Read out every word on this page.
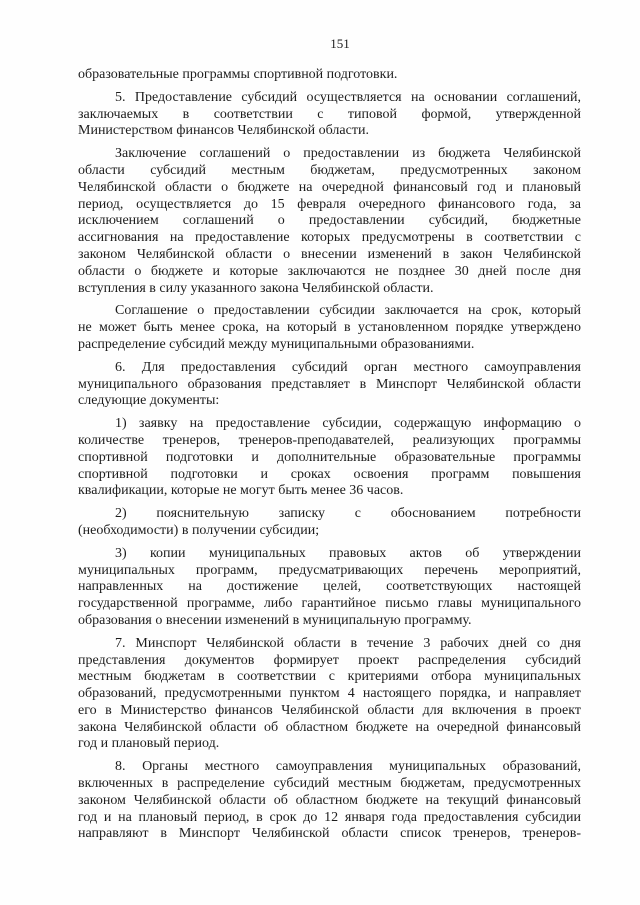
151
образовательные программы спортивной подготовки.
5. Предоставление субсидий осуществляется на основании соглашений,
заключаемых в соответствии с типовой формой, утвержденной
Министерством финансов Челябинской области.
Заключение соглашений о предоставлении из бюджета Челябинской
области субсидий местным бюджетам, предусмотренных законом
Челябинской области о бюджете на очередной финансовый год и плановый
период, осуществляется до 15 февраля очередного финансового года, за
исключением соглашений о предоставлении субсидий, бюджетные
ассигнования на предоставление которых предусмотрены в соответствии с
законом Челябинской области о внесении изменений в закон Челябинской
области о бюджете и которые заключаются не позднее 30 дней после дня
вступления в силу указанного закона Челябинской области.
Соглашение о предоставлении субсидии заключается на срок, который
не может быть менее срока, на который в установленном порядке утверждено
распределение субсидий между муниципальными образованиями.
6. Для предоставления субсидий орган местного самоуправления
муниципального образования представляет в Минспорт Челябинской области
следующие документы:
1) заявку на предоставление субсидии, содержащую информацию о
количестве тренеров, тренеров-преподавателей, реализующих программы
спортивной подготовки и дополнительные образовательные программы
спортивной подготовки и сроках освоения программ повышения
квалификации, которые не могут быть менее 36 часов.
2) пояснительную записку с обоснованием потребности
(необходимости) в получении субсидии;
3) копии муниципальных правовых актов об утверждении
муниципальных программ, предусматривающих перечень мероприятий,
направленных на достижение целей, соответствующих настоящей
государственной программе, либо гарантийное письмо главы муниципального
образования о внесении изменений в муниципальную программу.
7. Минспорт Челябинской области в течение 3 рабочих дней со дня
представления документов формирует проект распределения субсидий
местным бюджетам в соответствии с критериями отбора муниципальных
образований, предусмотренными пунктом 4 настоящего порядка, и направляет
его в Министерство финансов Челябинской области для включения в проект
закона Челябинской области об областном бюджете на очередной финансовый
год и плановый период.
8. Органы местного самоуправления муниципальных образований,
включенных в распределение субсидий местным бюджетам, предусмотренных
законом Челябинской области об областном бюджете на текущий финансовый
год и на плановый период, в срок до 12 января года предоставления субсидии
направляют в Минспорт Челябинской области список тренеров, тренеров-
